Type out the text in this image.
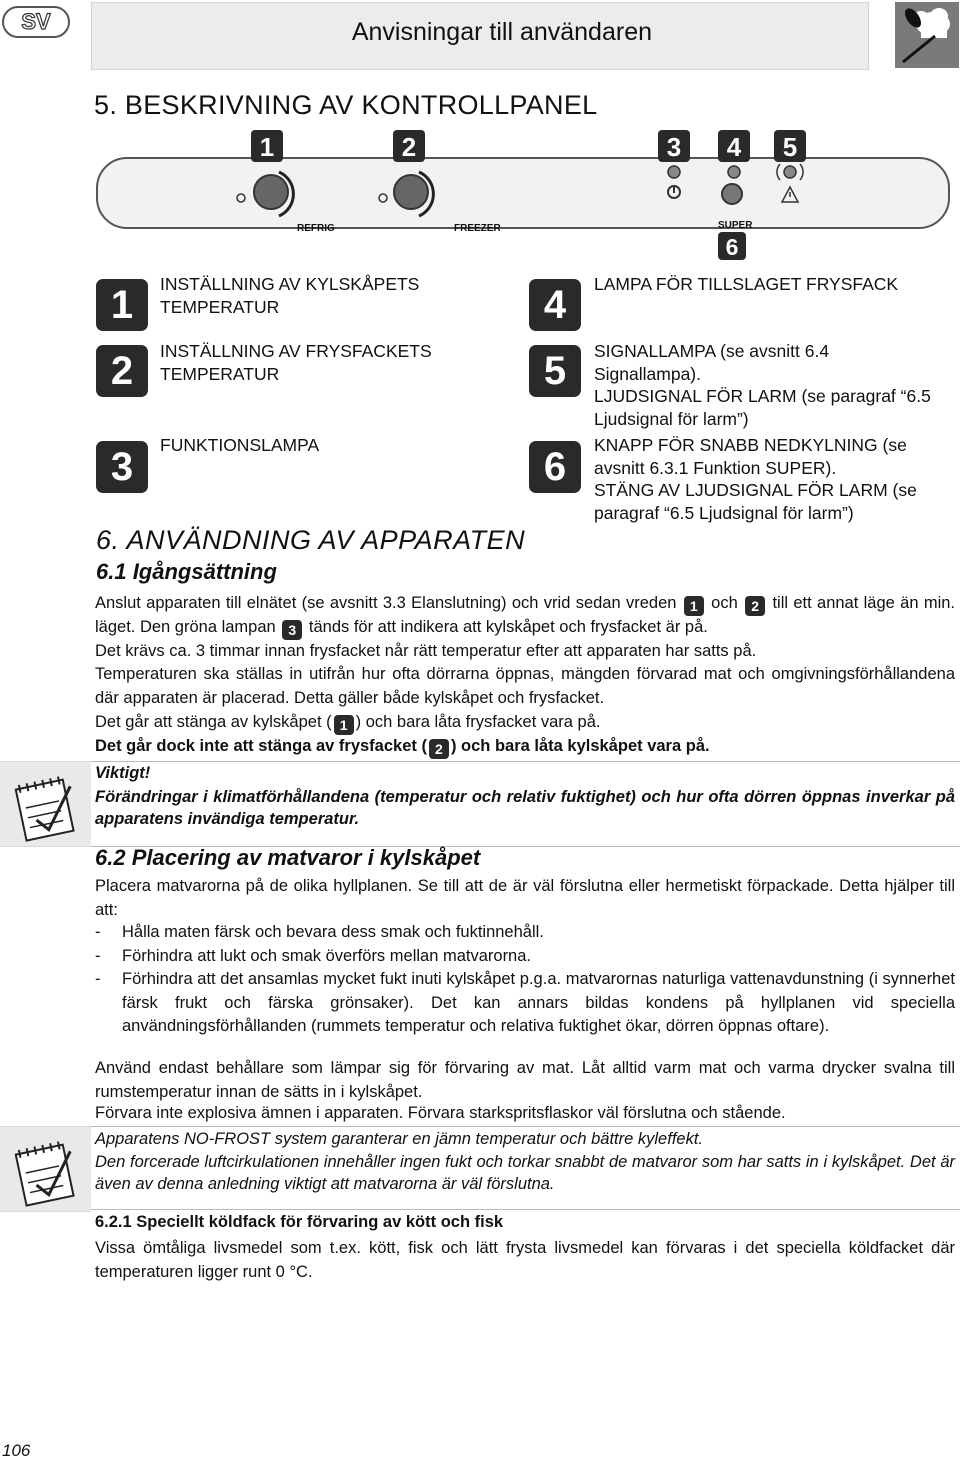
SV	Anvisningar till användaren
5. BESKRIVNING AV KONTROLLPANEL
1	2	3 4 5
6
REFRIG	FREEZER	SUPER
1	INSTÄLLNING AV KYLSKÅPETS
TEMPERATUR
2	INSTÄLLNING AV FRYSFACKETS
TEMPERATUR
3	FUNKTIONSLAMPA
4	LAMPA FÖR TILLSLAGET FRYSFACK
5	SIGNALLAMPA (se avsnitt 6.4
Signallampa).
LJUDSIGNAL FÖR LARM (se paragraf “6.5
Ljudsignal för larm”)
6	KNAPP FÖR SNABB NEDKYLNING (se
avsnitt 6.3.1 Funktion SUPER).
STÄNG AV LJUDSIGNAL FÖR LARM (se
paragraf “6.5 Ljudsignal för larm”)
6. ANVÄNDNING AV APPARATEN
6.1 Igångsättning
Anslut apparaten till elnätet (se avsnitt 3.3 Elanslutning) och vrid sedan vreden 1 och 2 till ett annat läge än min. läget. Den gröna lampan 3 tänds för att indikera att kylskåpet och frysfacket är på.
Det krävs ca. 3 timmar innan frysfacket når rätt temperatur efter att apparaten har satts på.
Temperaturen ska ställas in utifrån hur ofta dörrarna öppnas, mängden förvarad mat och omgivningsförhållandena där apparaten är placerad. Detta gäller både kylskåpet och frysfacket.
Det går att stänga av kylskåpet ( 1 ) och bara låta frysfacket vara på.
Det går dock inte att stänga av frysfacket ( 2 ) och bara låta kylskåpet vara på.
Viktigt!
Förändringar i klimatförhållandena (temperatur och relativ fuktighet) och hur ofta dörren öppnas inverkar på apparatens invändiga temperatur.
6.2 Placering av matvaror i kylskåpet
Placera matvarorna på de olika hyllplanen. Se till att de är väl förslutna eller hermetiskt förpackade. Detta hjälper till att:
- Hålla maten färsk och bevara dess smak och fuktinnehåll.
- Förhindra att lukt och smak överförs mellan matvarorna.
- Förhindra att det ansamlas mycket fukt inuti kylskåpet p.g.a. matvarornas naturliga vattenavdunstning (i synnerhet färsk frukt och färska grönsaker). Det kan annars bildas kondens på hyllplanen vid speciella användningsförhållanden (rummets temperatur och relativa fuktighet ökar, dörren öppnas oftare).
Använd endast behållare som lämpar sig för förvaring av mat. Låt alltid varm mat och varma drycker svalna till rumstemperatur innan de sätts in i kylskåpet.
Förvara inte explosiva ämnen i apparaten. Förvara starkspritsflaskor väl förslutna och stående.
Apparatens NO-FROST system garanterar en jämn temperatur och bättre kyleffekt.
Den forcerade luftcirkulationen innehåller ingen fukt och torkar snabbt de matvaror som har satts in i kylskåpet. Det är även av denna anledning viktigt att matvarorna är väl förslutna.
6.2.1 Speciellt köldfack för förvaring av kött och fisk
Vissa ömtåliga livsmedel som t.ex. kött, fisk och lätt frysta livsmedel kan förvaras i det speciella köldfacket där temperaturen ligger runt 0 °C.
106
